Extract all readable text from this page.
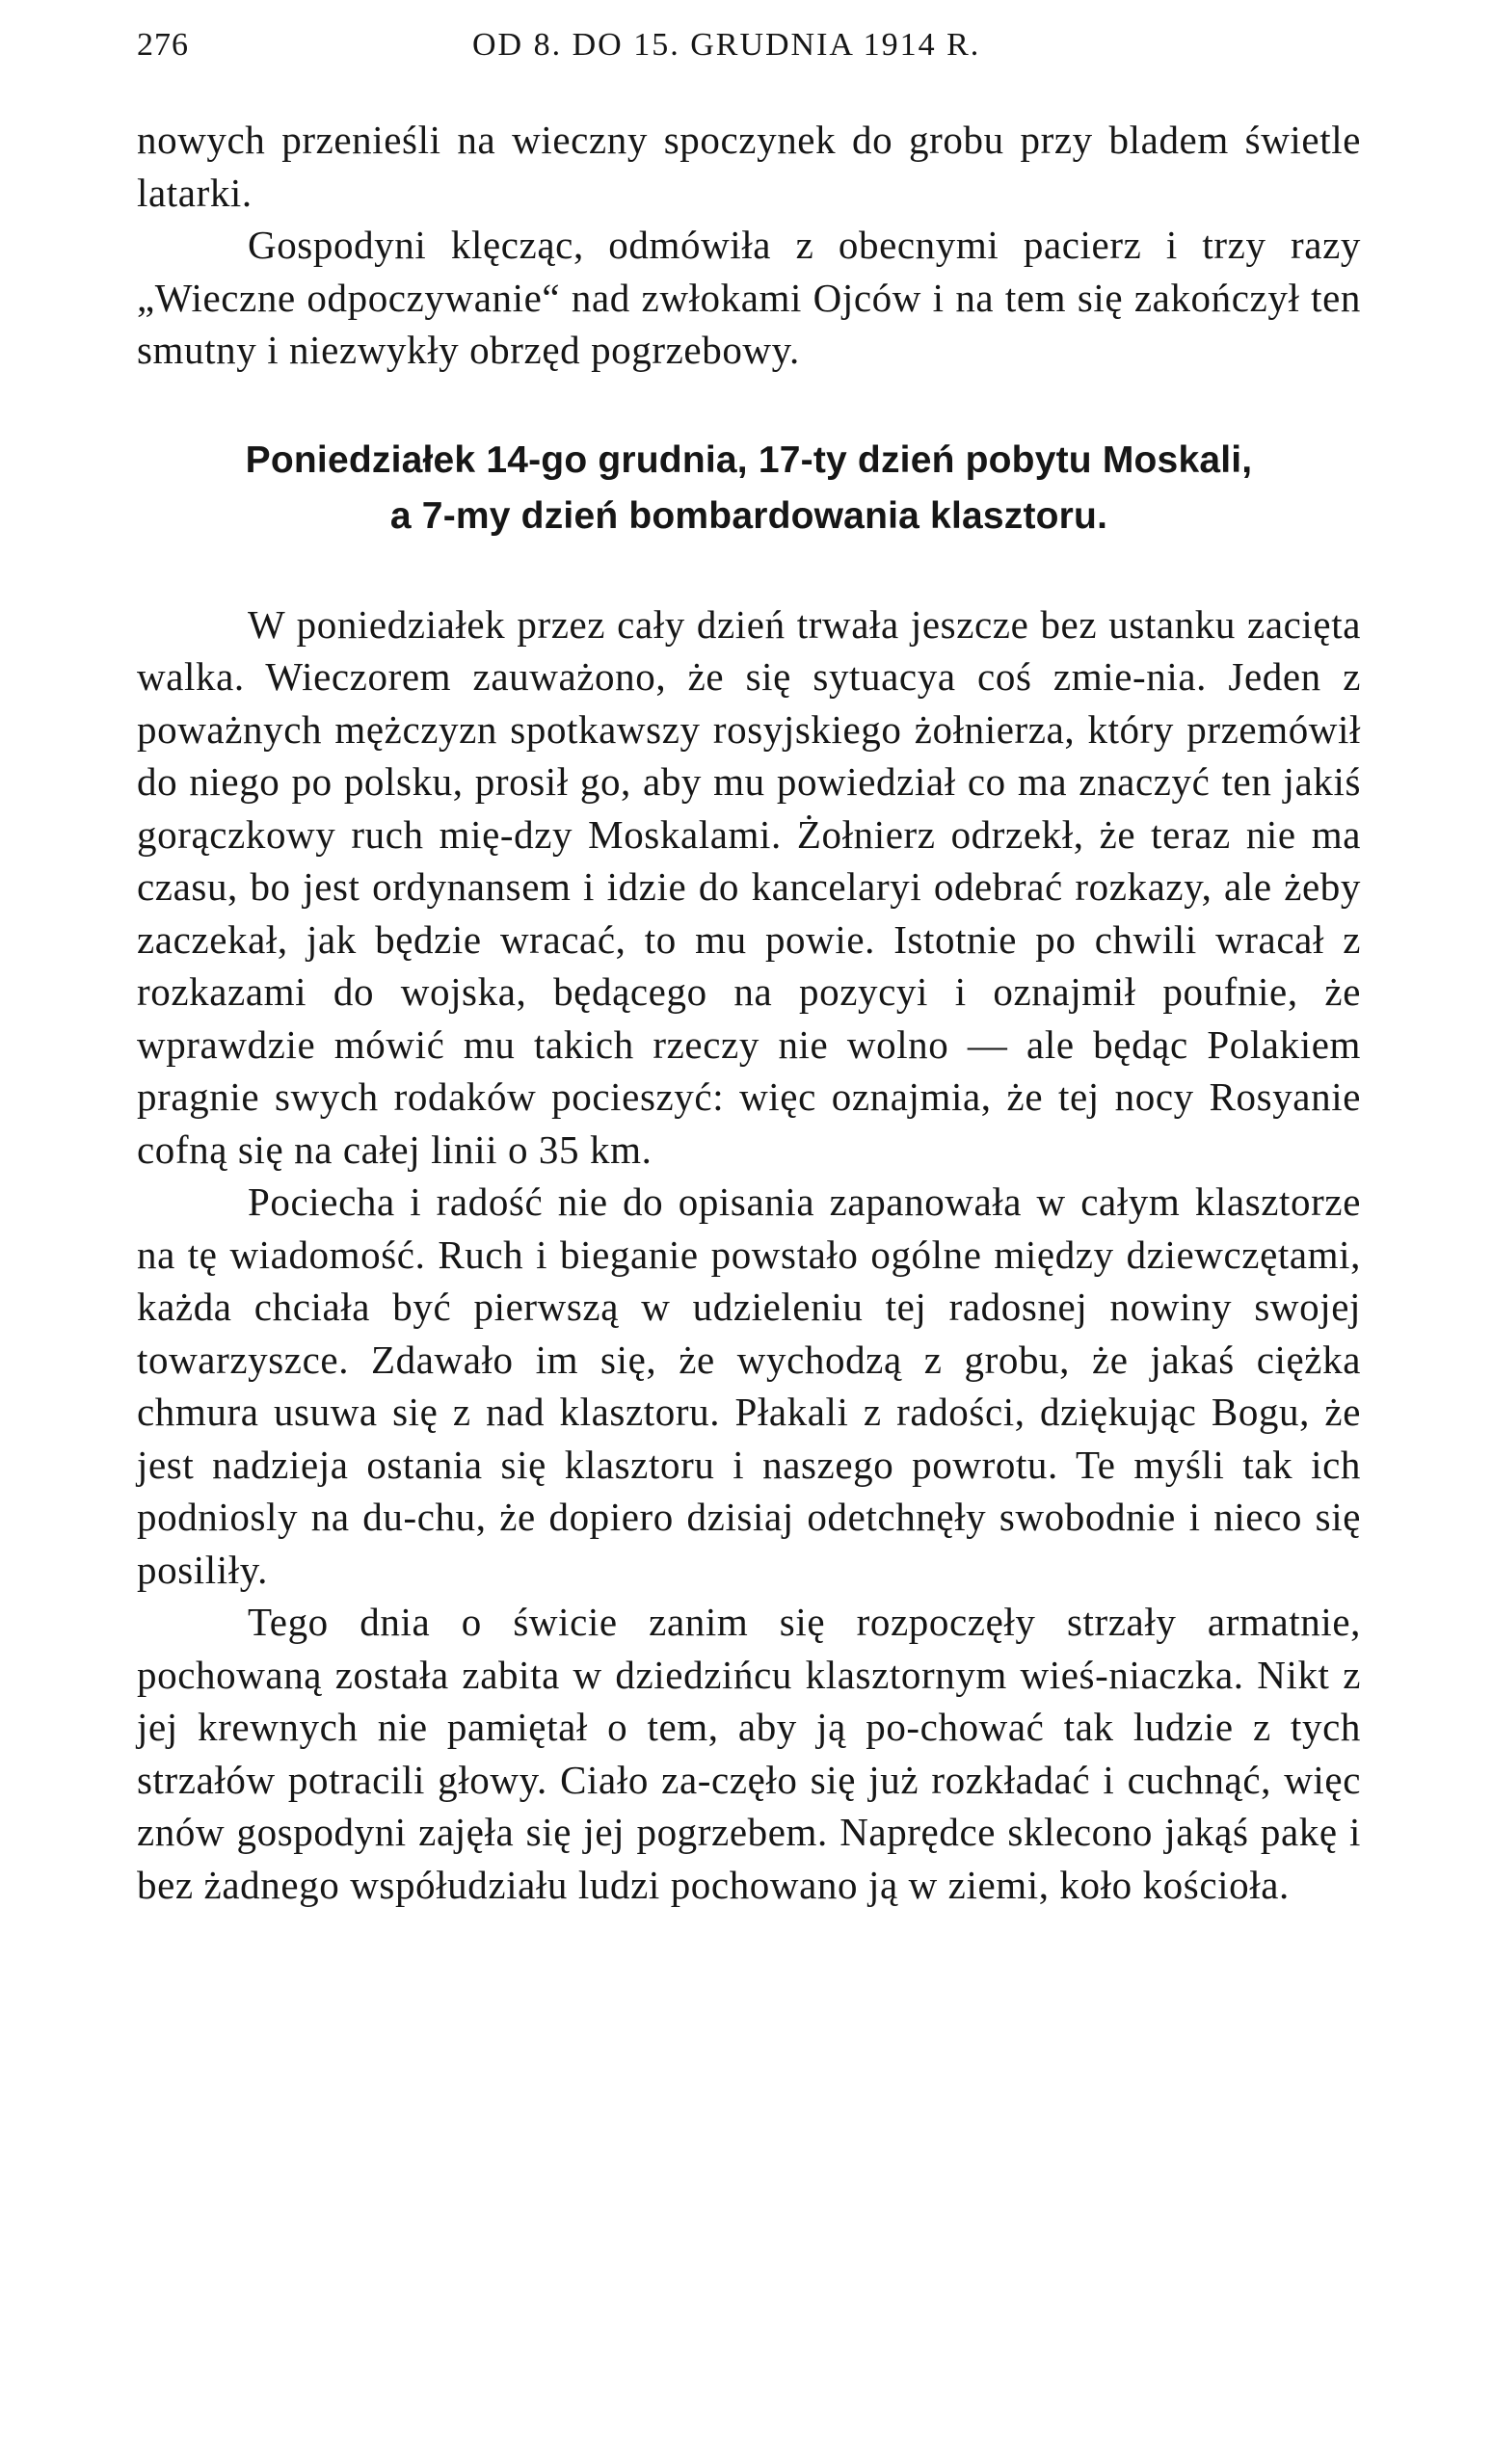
276	OD 8. DO 15. GRUDNIA 1914 R.

nowych przenieśli na wieczny spoczynek do grobu przy bladem świetle latarki.

Gospodyni klęcząc, odmówiła z obecnymi pacierz i trzy razy „Wieczne odpoczywanie“ nad zwłokami Ojców i na tem się zakończył ten smutny i niezwykły obrzęd pogrzebowy.

Poniedziałek 14-go grudnia, 17-ty dzień pobytu Moskali,
a 7-my dzień bombardowania klasztoru.

W poniedziałek przez cały dzień trwała jeszcze bez ustanku zacięta walka. Wieczorem zauważono, że się sytuacya coś zmie-nia. Jeden z poważnych mężczyzn spotkawszy rosyjskiego żołnierza, który przemówił do niego po polsku, prosił go, aby mu powiedział co ma znaczyć ten jakiś gorączkowy ruch mię-dzy Moskalami. Żołnierz odrzekł, że teraz nie ma czasu, bo jest ordynansem i idzie do kancelaryi odebrać rozkazy, ale żeby zaczekał, jak będzie wracać, to mu powie. Istotnie po chwili wracał z rozkazami do wojska, będącego na pozycyi i oznajmił poufnie, że wprawdzie mówić mu takich rzeczy nie wolno — ale będąc Polakiem pragnie swych rodaków pocieszyć: więc oznajmia, że tej nocy Rosyanie cofną się na całej linii o 35 km.

Pociecha i radość nie do opisania zapanowała w całym klasztorze na tę wiadomość. Ruch i bieganie powstało ogólne między dziewczętami, każda chciała być pierwszą w udzieleniu tej radosnej nowiny swojej towarzyszce. Zdawało im się, że wychodzą z grobu, że jakaś ciężka chmura usuwa się z nad klasztoru. Płakali z radości, dziękując Bogu, że jest nadzieja ostania się klasztoru i naszego powrotu. Te myśli tak ich podniosly na du-chu, że dopiero dzisiaj odetchnęły swobodnie i nieco się posiliły.

Tego dnia o świcie zanim się rozpoczęły strzały armatnie, pochowaną została zabita w dziedzińcu klasztornym wieś-niaczka. Nikt z jej krewnych nie pamiętał o tem, aby ją po-chować tak ludzie z tych strzałów potracili głowy. Ciało za-częło się już rozkładać i cuchnąć, więc znów gospodyni zajęła się jej pogrzebem. Naprędce sklecono jakąś pakę i bez żadnego współudziału ludzi pochowano ją w ziemi, koło kościoła.
